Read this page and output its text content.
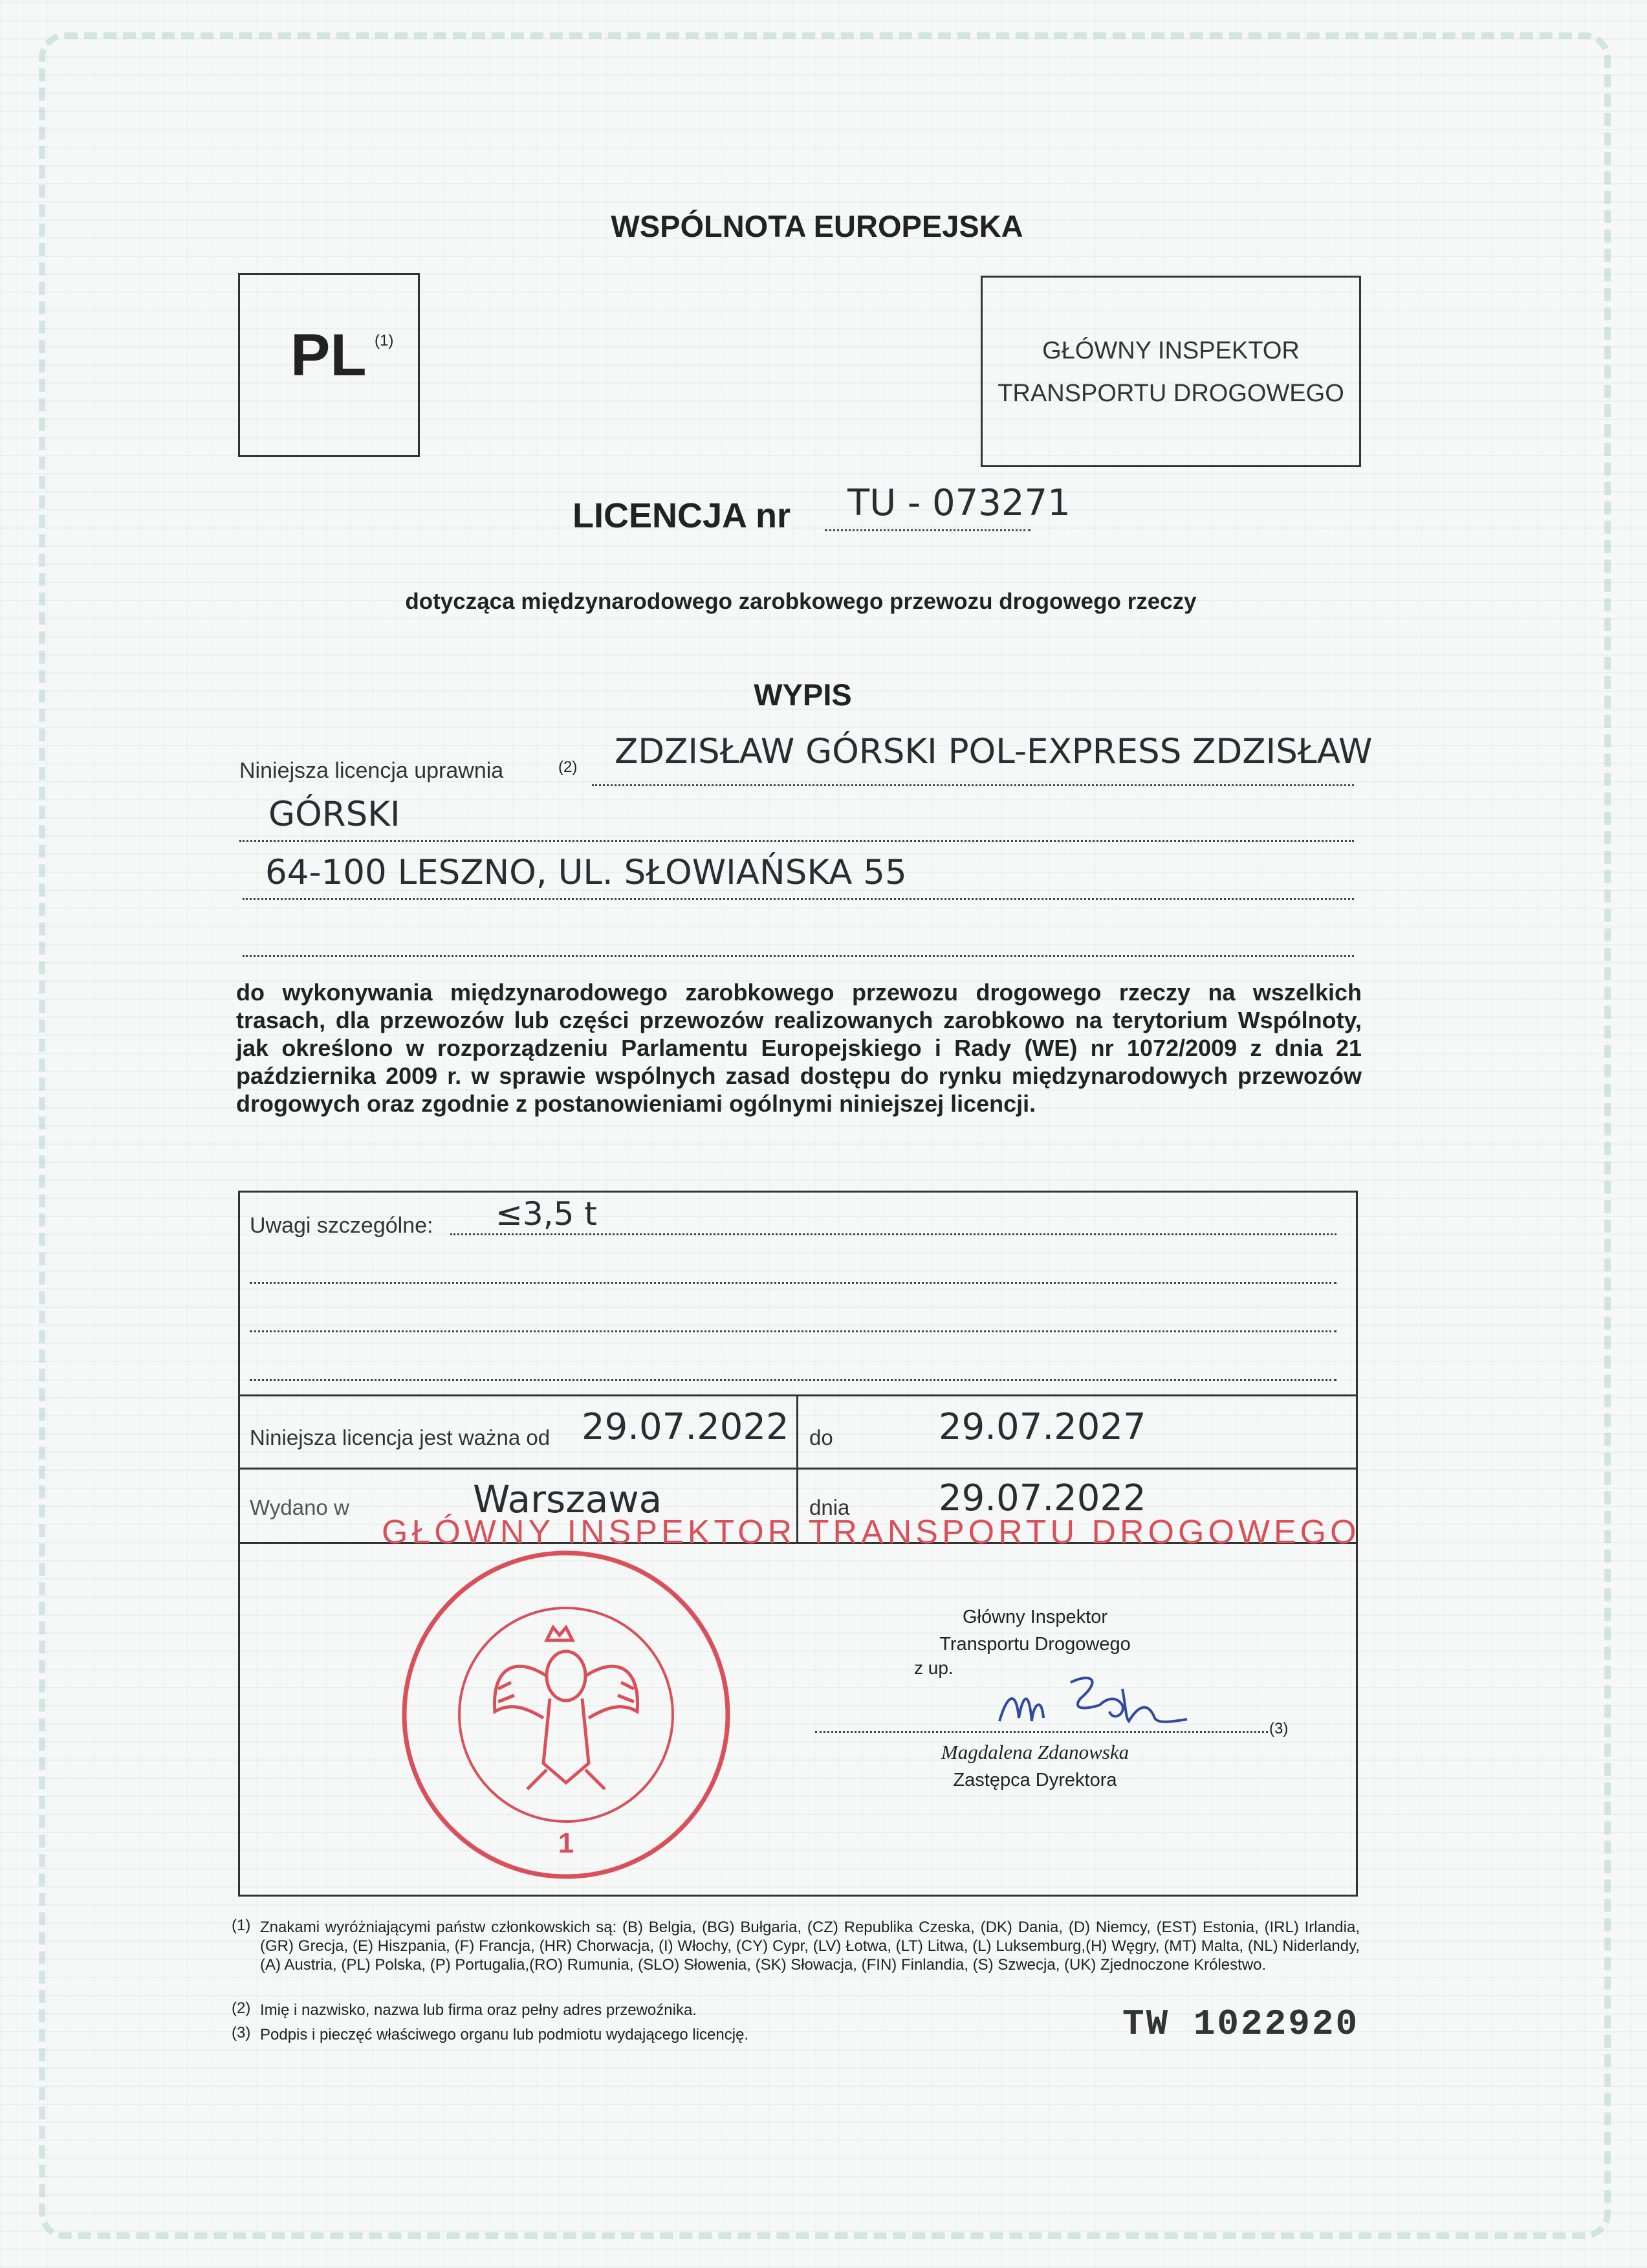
WSPÓLNOTA EUROPEJSKA
PL (1)	GŁÓWNY INSPEKTOR
TRANSPORTU DROGOWEGO
LICENCJA nr TU - 073271
dotycząca międzynarodowego zarobkowego przewozu drogowego rzeczy
WYPIS
Niniejsza licencja uprawnia	(2) ZDZISŁAW GÓRSKI POL-EXPRESS ZDZISŁAW
GÓRSKI
64-100 LESZNO, UL. SŁOWIAŃSKA 55
do wykonywania międzynarodowego zarobkowego przewozu drogowego rzeczy na wszelkich trasach, dla przewozów lub części przewozów realizowanych zarobkowo na terytorium Wspólnoty, jak określono w rozporządzeniu Parlamentu Europejskiego i Rady (WE) nr 1072/2009 z dnia 21 października 2009 r. w sprawie wspólnych zasad dostępu do rynku międzynarodowych przewozów drogowych oraz zgodnie z postanowieniami ogólnymi niniejszej licencji.
Uwagi szczególne: ≤3,5 t
Niniejsza licencja jest ważna od 29.07.2022 do	29.07.2027
Wydano w	Warszawa	dnia 29.07.2022
GŁÓWNY INSPEKTOR TRANSPORTU DROGOWEGO
1
Główny Inspektor
Transportu Drogowego
z up.
(3)
Magdalena Zdanowska
Zastępca Dyrektora
(1) Znakami wyróżniającymi państw członkowskich są: (B) Belgia, (BG) Bułgaria, (CZ) Republika Czeska, (DK) Dania, (D) Niemcy, (EST) Estonia, (IRL) Irlandia, (GR) Grecja, (E) Hiszpania, (F) Francja, (HR) Chorwacja, (I) Włochy, (CY) Cypr, (LV) Łotwa, (LT) Litwa, (L) Luksemburg,(H) Węgry, (MT) Malta, (NL) Niderlandy, (A) Austria, (PL) Polska, (P) Portugalia,(RO) Rumunia, (SLO) Słowenia, (SK) Słowacja, (FIN) Finlandia, (S) Szwecja, (UK) Zjednoczone Królestwo.
(2) Imię i nazwisko, nazwa lub firma oraz pełny adres przewoźnika.
(3) Podpis i pieczęć właściwego organu lub podmiotu wydającego licencję.	TW 1022920
